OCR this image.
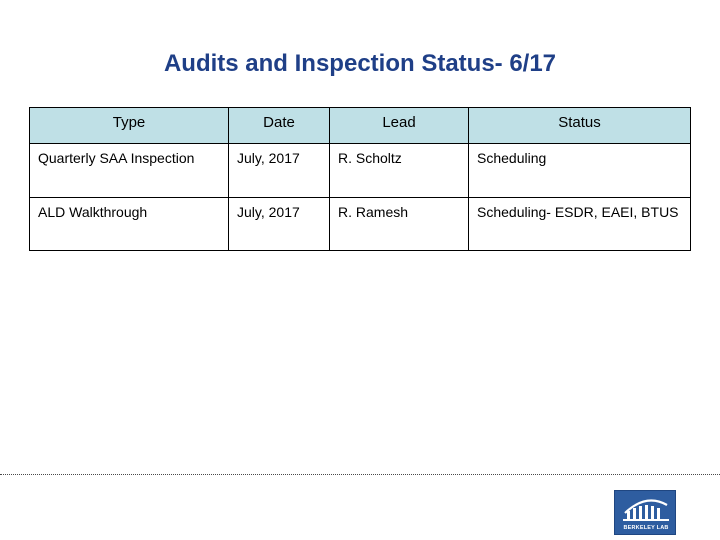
Audits and Inspection Status- 6/17
Type	Date	Lead	Status
Quarterly SAA Inspection	July, 2017	R. Scholtz	Scheduling
ALD Walkthrough	July, 2017	R. Ramesh	Scheduling- ESDR, EAEI, BTUS
BERKELEY LAB
